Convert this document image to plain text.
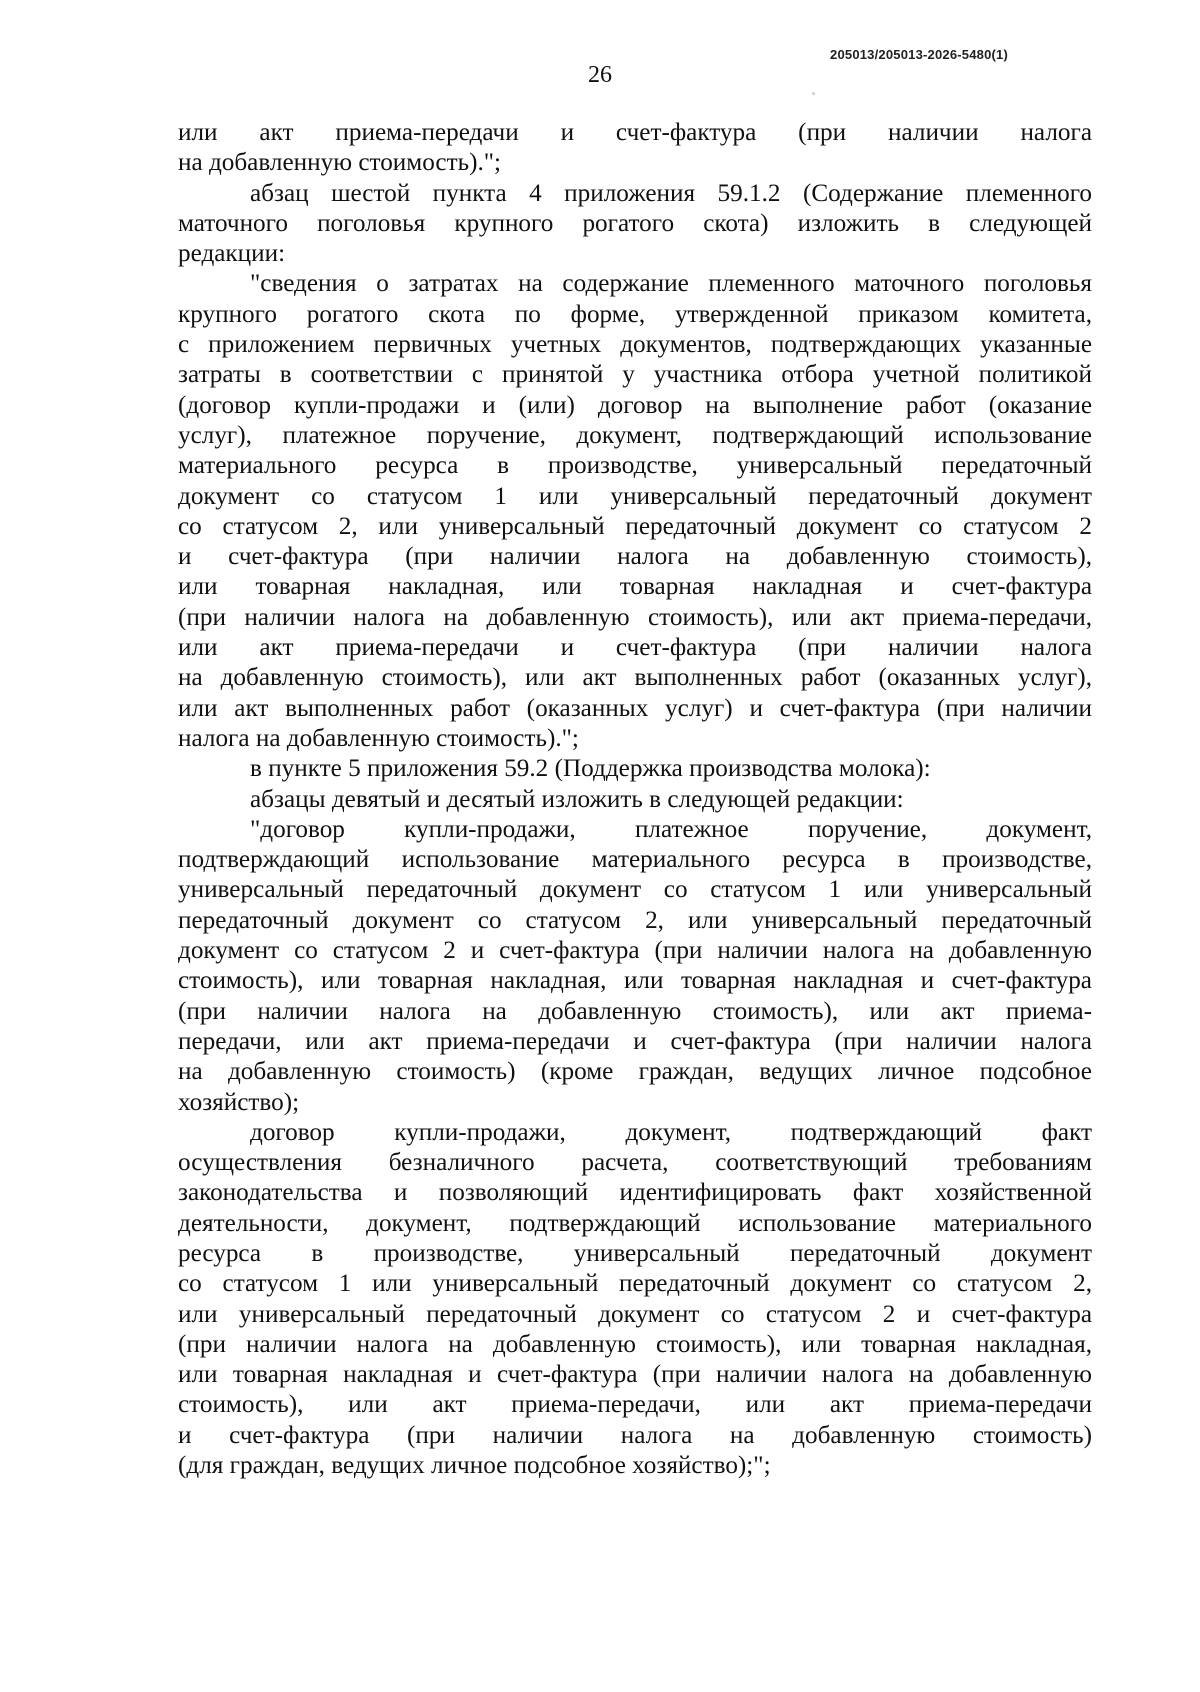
205013/205013-2026-5480(1)
26
или акт приема-передачи и счет-фактура (при наличии налога
на добавленную стоимость).";
абзац шестой пункта 4 приложения 59.1.2 (Содержание племенного
маточного поголовья крупного рогатого скота) изложить в следующей
редакции:
"сведения о затратах на содержание племенного маточного поголовья
крупного рогатого скота по форме, утвержденной приказом комитета,
с приложением первичных учетных документов, подтверждающих указанные
затраты в соответствии с принятой у участника отбора учетной политикой
(договор купли-продажи и (или) договор на выполнение работ (оказание
услуг), платежное поручение, документ, подтверждающий использование
материального ресурса в производстве, универсальный передаточный
документ со статусом 1 или универсальный передаточный документ
со статусом 2, или универсальный передаточный документ со статусом 2
и счет-фактура (при наличии налога на добавленную стоимость),
или товарная накладная, или товарная накладная и счет-фактура
(при наличии налога на добавленную стоимость), или акт приема-передачи,
или акт приема-передачи и счет-фактура (при наличии налога
на добавленную стоимость), или акт выполненных работ (оказанных услуг),
или акт выполненных работ (оказанных услуг) и счет-фактура (при наличии
налога на добавленную стоимость).";
в пункте 5 приложения 59.2 (Поддержка производства молока):
абзацы девятый и десятый изложить в следующей редакции:
"договор купли-продажи, платежное поручение, документ,
подтверждающий использование материального ресурса в производстве,
универсальный передаточный документ со статусом 1 или универсальный
передаточный документ со статусом 2, или универсальный передаточный
документ со статусом 2 и счет-фактура (при наличии налога на добавленную
стоимость), или товарная накладная, или товарная накладная и счет-фактура
(при наличии налога на добавленную стоимость), или акт приема-
передачи, или акт приема-передачи и счет-фактура (при наличии налога
на добавленную стоимость) (кроме граждан, ведущих личное подсобное
хозяйство);
договор купли-продажи, документ, подтверждающий факт
осуществления безналичного расчета, соответствующий требованиям
законодательства и позволяющий идентифицировать факт хозяйственной
деятельности, документ, подтверждающий использование материального
ресурса в производстве, универсальный передаточный документ
со статусом 1 или универсальный передаточный документ со статусом 2,
или универсальный передаточный документ со статусом 2 и счет-фактура
(при наличии налога на добавленную стоимость), или товарная накладная,
или товарная накладная и счет-фактура (при наличии налога на добавленную
стоимость), или акт приема-передачи, или акт приема-передачи
и счет-фактура (при наличии налога на добавленную стоимость)
(для граждан, ведущих личное подсобное хозяйство);";
